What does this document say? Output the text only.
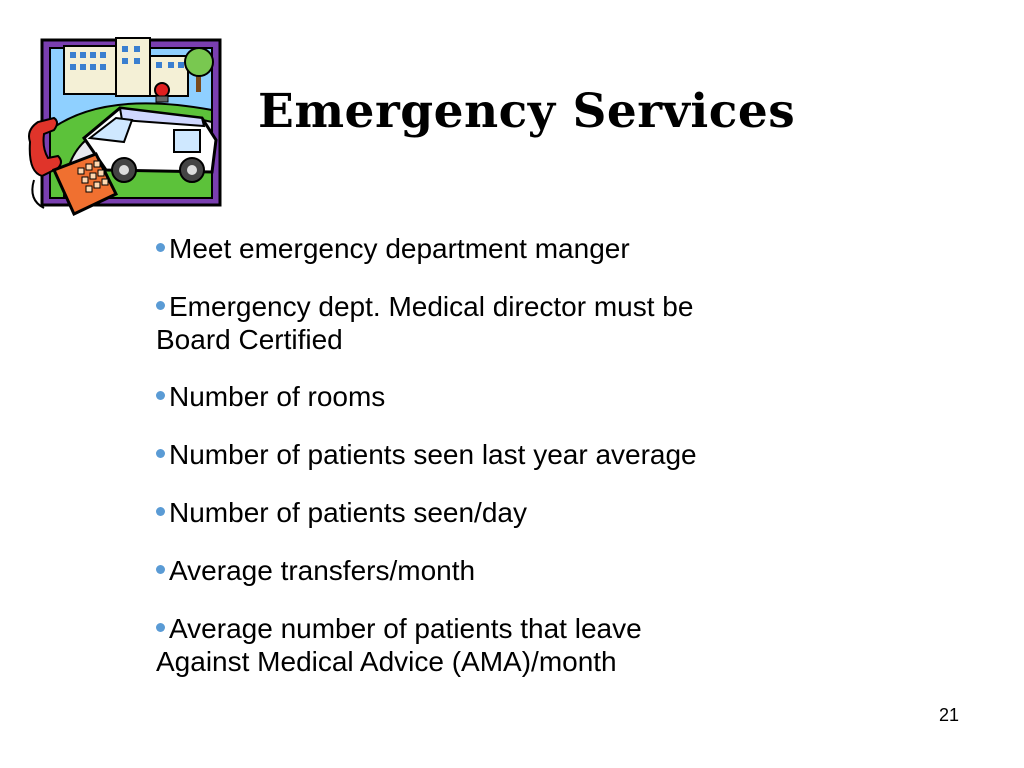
Emergency Services
Meet emergency department manger
Emergency dept. Medical director must be
Board Certified
Number of rooms
Number of patients seen last year average
Number of patients seen/day
Average transfers/month
Average number of patients that leave
Against Medical Advice (AMA)/month
21
